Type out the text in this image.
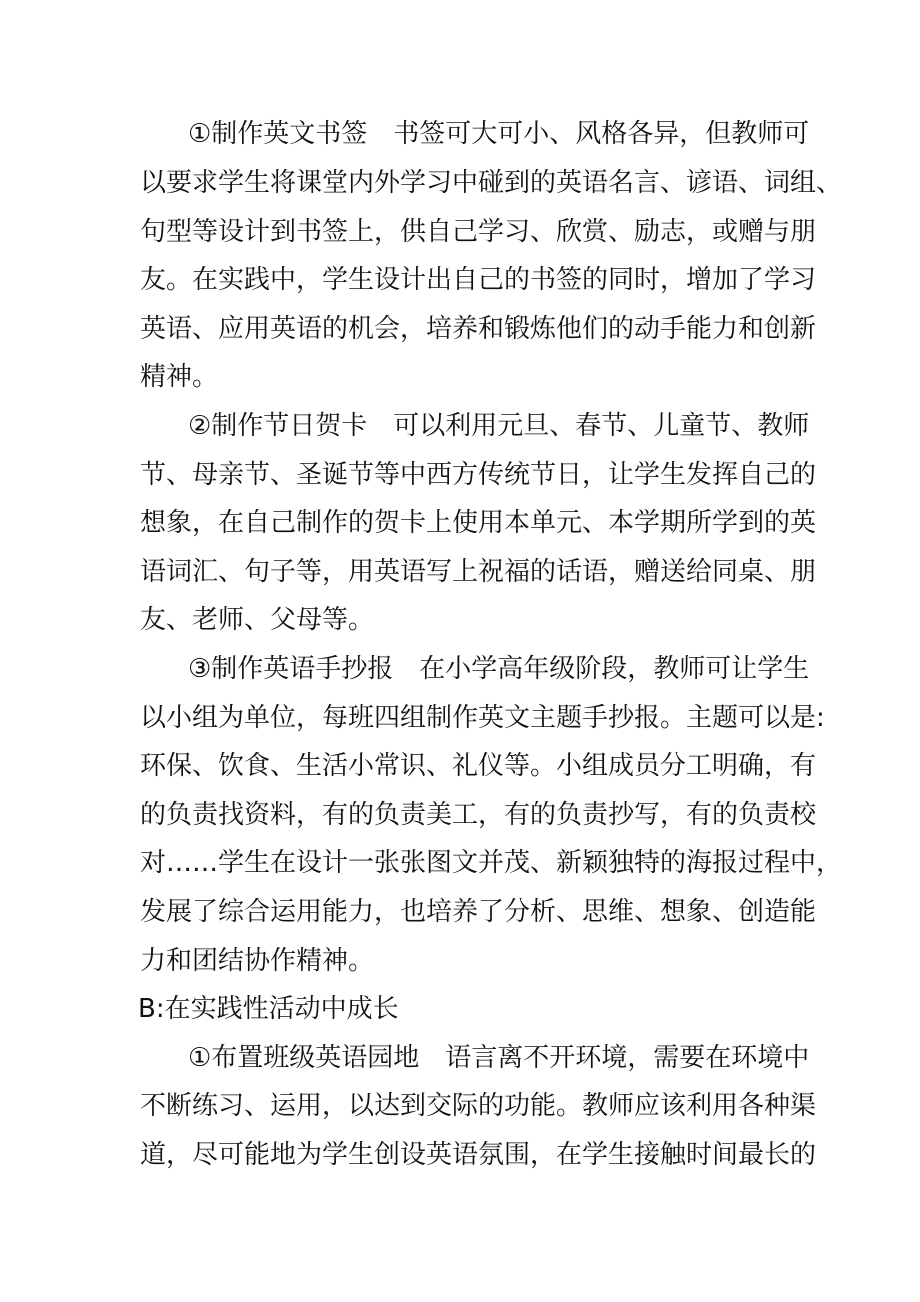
①制作英文书签　书签可大可小、风格各异，但教师可
以要求学生将课堂内外学习中碰到的英语名言、谚语、词组、
句型等设计到书签上，供自己学习、欣赏、励志，或赠与朋
友。在实践中，学生设计出自己的书签的同时，增加了学习
英语、应用英语的机会，培养和锻炼他们的动手能力和创新
精神。
②制作节日贺卡　可以利用元旦、春节、儿童节、教师
节、母亲节、圣诞节等中西方传统节日，让学生发挥自己的
想象，在自己制作的贺卡上使用本单元、本学期所学到的英
语词汇、句子等，用英语写上祝福的话语，赠送给同桌、朋
友、老师、父母等。
③制作英语手抄报　在小学高年级阶段，教师可让学生
以小组为单位，每班四组制作英文主题手抄报。主题可以是:
环保、饮食、生活小常识、礼仪等。小组成员分工明确，有
的负责找资料，有的负责美工，有的负责抄写，有的负责校
对……学生在设计一张张图文并茂、新颖独特的海报过程中，
发展了综合运用能力，也培养了分析、思维、想象、创造能
力和团结协作精神。
B:在实践性活动中成长
①布置班级英语园地　语言离不开环境，需要在环境中
不断练习、运用，以达到交际的功能。教师应该利用各种渠
道，尽可能地为学生创设英语氛围，在学生接触时间最长的
